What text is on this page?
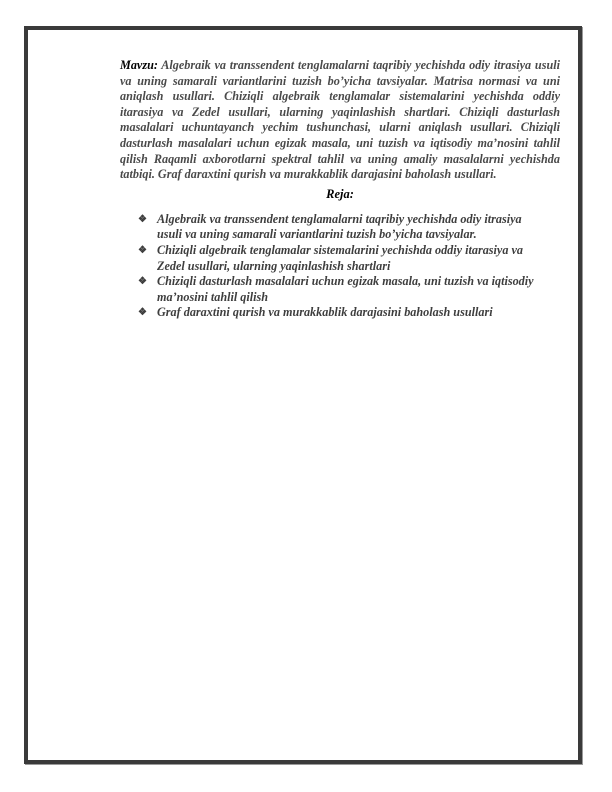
Mavzu: Algebraik va transsendent tenglamalarni taqribiy yechishda odiy itrasiya usuli va uning samarali variantlarini tuzish bo’yicha tavsiyalar. Matrisa normasi va uni aniqlash usullari. Chiziqli algebraik tenglamalar sistemalarini yechishda oddiy itarasiya va Zedel usullari, ularning yaqinlashish shartlari. Chiziqli dasturlash masalalari uchuntayanch yechim tushunchasi, ularni aniqlash usullari. Chiziqli dasturlash masalalari uchun egizak masala, uni tuzish va iqtisodiy ma’nosini tahlil qilish Raqamli axborotlarni spektral tahlil va uning amaliy masalalarni yechishda tatbiqi. Graf daraxtini qurish va murakkablik darajasini baholash usullari.

Reja:
❖ Algebraik va transsendent tenglamalarni taqribiy yechishda odiy itrasiya usuli va uning samarali variantlarini tuzish bo’yicha tavsiyalar.
❖ Chiziqli algebraik tenglamalar sistemalarini yechishda oddiy itarasiya va Zedel usullari, ularning yaqinlashish shartlari
❖ Chiziqli dasturlash masalalari uchun egizak masala, uni tuzish va iqtisodiy ma’nosini tahlil qilish
❖ Graf daraxtini qurish va murakkablik darajasini baholash usullari
